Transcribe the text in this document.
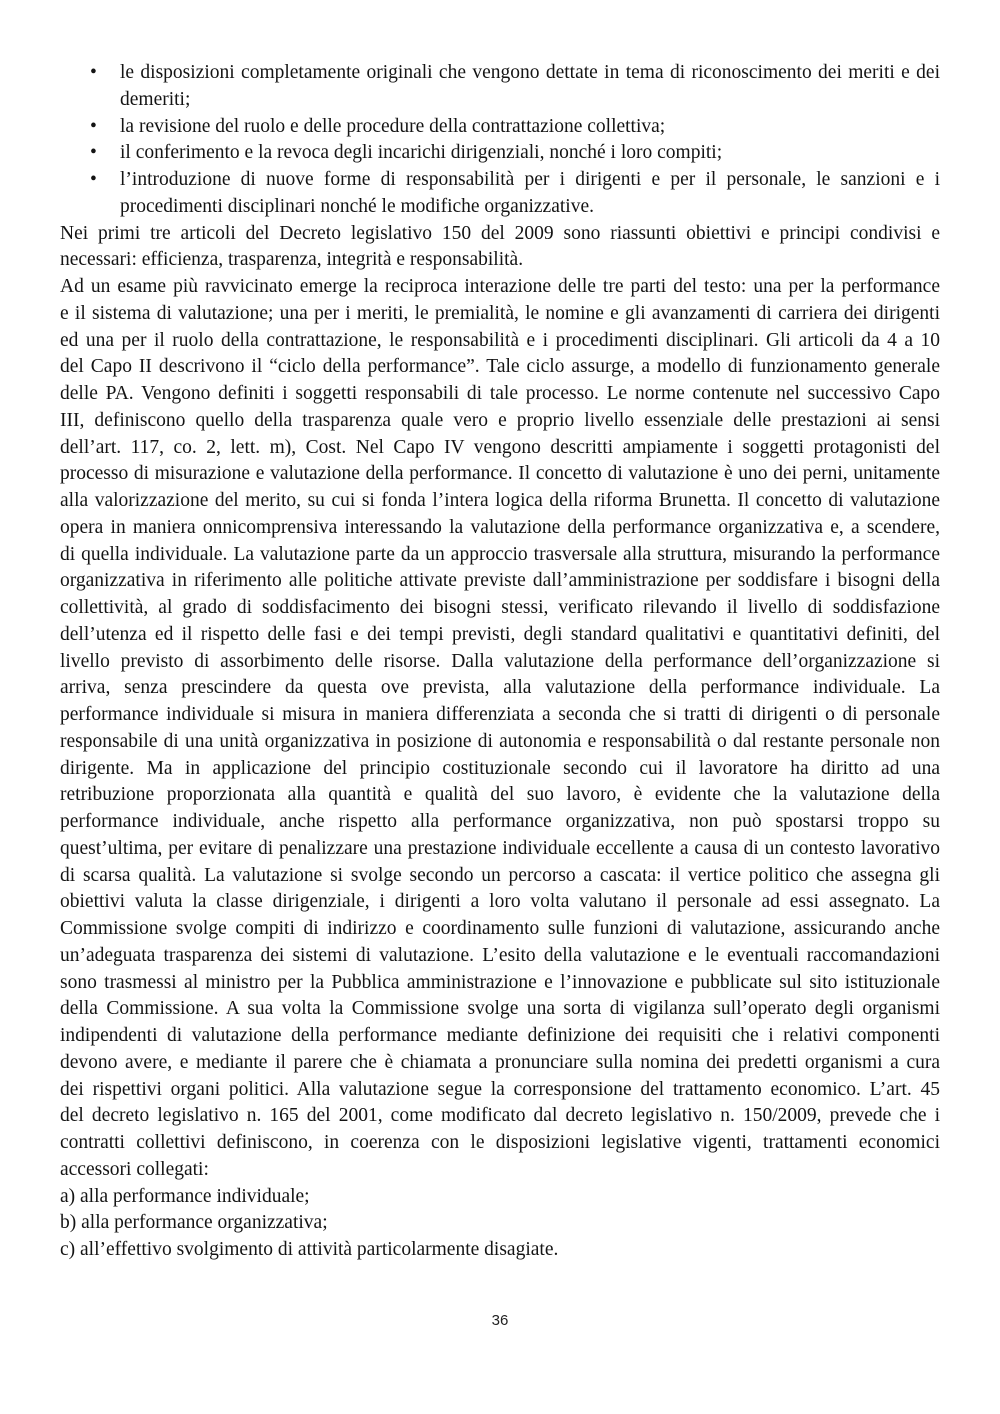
•
le disposizioni completamente originali che vengono dettate in tema di riconoscimento dei meriti e dei
demeriti;
•
la revisione del ruolo e delle procedure della contrattazione collettiva;
•
il conferimento e la revoca degli incarichi dirigenziali, nonché i loro compiti;
•
l’introduzione di nuove forme di responsabilità per i dirigenti e per il personale, le sanzioni e i
procedimenti disciplinari nonché le modifiche organizzative.
Nei primi tre articoli del Decreto legislativo 150 del 2009 sono riassunti obiettivi e principi condivisi e
necessari: efficienza, trasparenza, integrità e responsabilità.
Ad un esame più ravvicinato emerge la reciproca interazione delle tre parti del testo: una per la performance
e il sistema di valutazione; una per i meriti, le premialità, le nomine e gli avanzamenti di carriera dei dirigenti
ed una per il ruolo della contrattazione, le responsabilità e i procedimenti disciplinari. Gli articoli da 4 a 10
del Capo II descrivono il “ciclo della performance”. Tale ciclo assurge, a modello di funzionamento generale
delle PA. Vengono definiti i soggetti responsabili di tale processo. Le norme contenute nel successivo Capo
III, definiscono quello della trasparenza quale vero e proprio livello essenziale delle prestazioni ai sensi
dell’art. 117, co. 2, lett. m), Cost. Nel Capo IV vengono descritti ampiamente i soggetti protagonisti del
processo di misurazione e valutazione della performance. Il concetto di valutazione è uno dei perni, unitamente
alla valorizzazione del merito, su cui si fonda l’intera logica della riforma Brunetta. Il concetto di valutazione
opera in maniera onnicomprensiva interessando la valutazione della performance organizzativa e, a scendere,
di quella individuale. La valutazione parte da un approccio trasversale alla struttura, misurando la performance
organizzativa in riferimento alle politiche attivate previste dall’amministrazione per soddisfare i bisogni della
collettività, al grado di soddisfacimento dei bisogni stessi, verificato rilevando il livello di soddisfazione
dell’utenza ed il rispetto delle fasi e dei tempi previsti, degli standard qualitativi e quantitativi definiti, del
livello previsto di assorbimento delle risorse. Dalla valutazione della performance dell’organizzazione si
arriva, senza prescindere da questa ove prevista, alla valutazione della performance individuale. La
performance individuale si misura in maniera differenziata a seconda che si tratti di dirigenti o di personale
responsabile di una unità organizzativa in posizione di autonomia e responsabilità o dal restante personale non
dirigente. Ma in applicazione del principio costituzionale secondo cui il lavoratore ha diritto ad una
retribuzione proporzionata alla quantità e qualità del suo lavoro, è evidente che la valutazione della
performance individuale, anche rispetto alla performance organizzativa, non può spostarsi troppo su
quest’ultima, per evitare di penalizzare una prestazione individuale eccellente a causa di un contesto lavorativo
di scarsa qualità. La valutazione si svolge secondo un percorso a cascata: il vertice politico che assegna gli
obiettivi valuta la classe dirigenziale, i dirigenti a loro volta valutano il personale ad essi assegnato. La
Commissione svolge compiti di indirizzo e coordinamento sulle funzioni di valutazione, assicurando anche
un’adeguata trasparenza dei sistemi di valutazione. L’esito della valutazione e le eventuali raccomandazioni
sono trasmessi al ministro per la Pubblica amministrazione e l’innovazione e pubblicate sul sito istituzionale
della Commissione. A sua volta la Commissione svolge una sorta di vigilanza sull’operato degli organismi
indipendenti di valutazione della performance mediante definizione dei requisiti che i relativi componenti
devono avere, e mediante il parere che è chiamata a pronunciare sulla nomina dei predetti organismi a cura
dei rispettivi organi politici. Alla valutazione segue la corresponsione del trattamento economico. L’art. 45
del decreto legislativo n. 165 del 2001, come modificato dal decreto legislativo n. 150/2009, prevede che i
contratti collettivi definiscono, in coerenza con le disposizioni legislative vigenti, trattamenti economici
accessori collegati:
a) alla performance individuale;
b) alla performance organizzativa;
c) all’effettivo svolgimento di attività particolarmente disagiate.
36
